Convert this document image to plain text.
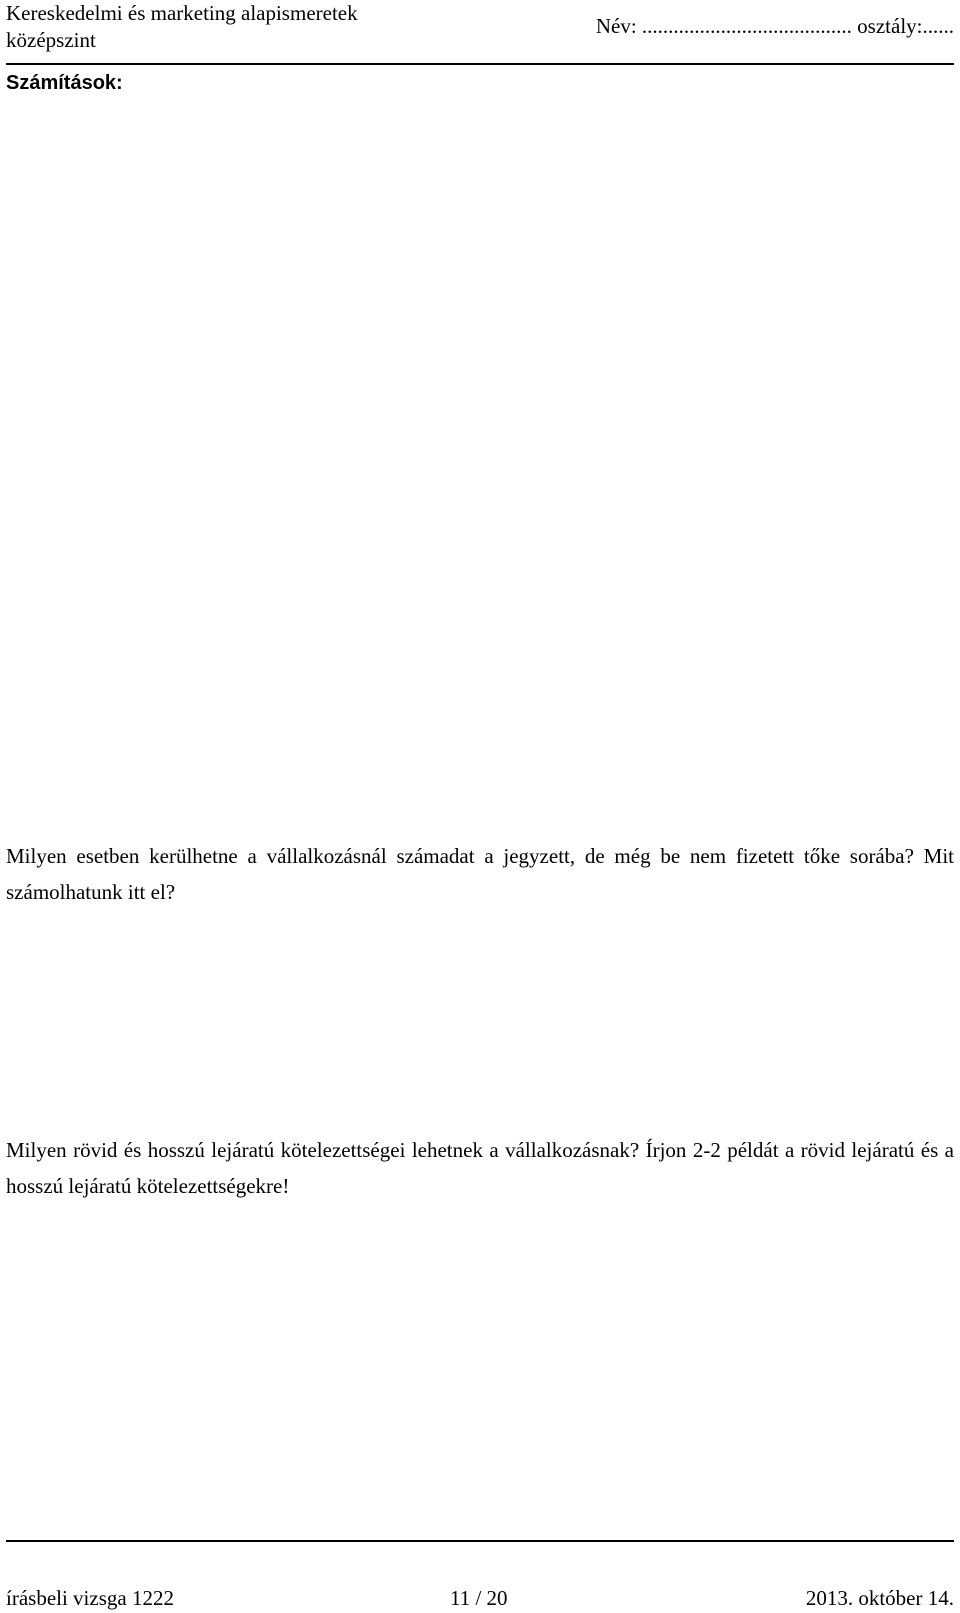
Kereskedelmi és marketing alapismeretek
középszint
Név: ........................................ osztály:......
Számítások:
Milyen esetben kerülhetne a vállalkozásnál számadat a jegyzett, de még be nem fizetett tőke sorába? Mit számolhatunk itt el?
Milyen rövid és hosszú lejáratú kötelezettségei lehetnek a vállalkozásnak? Írjon 2-2 példát a rövid lejáratú és a hosszú lejáratú kötelezettségekre!
írásbeli vizsga 1222	11 / 20	2013. október 14.
